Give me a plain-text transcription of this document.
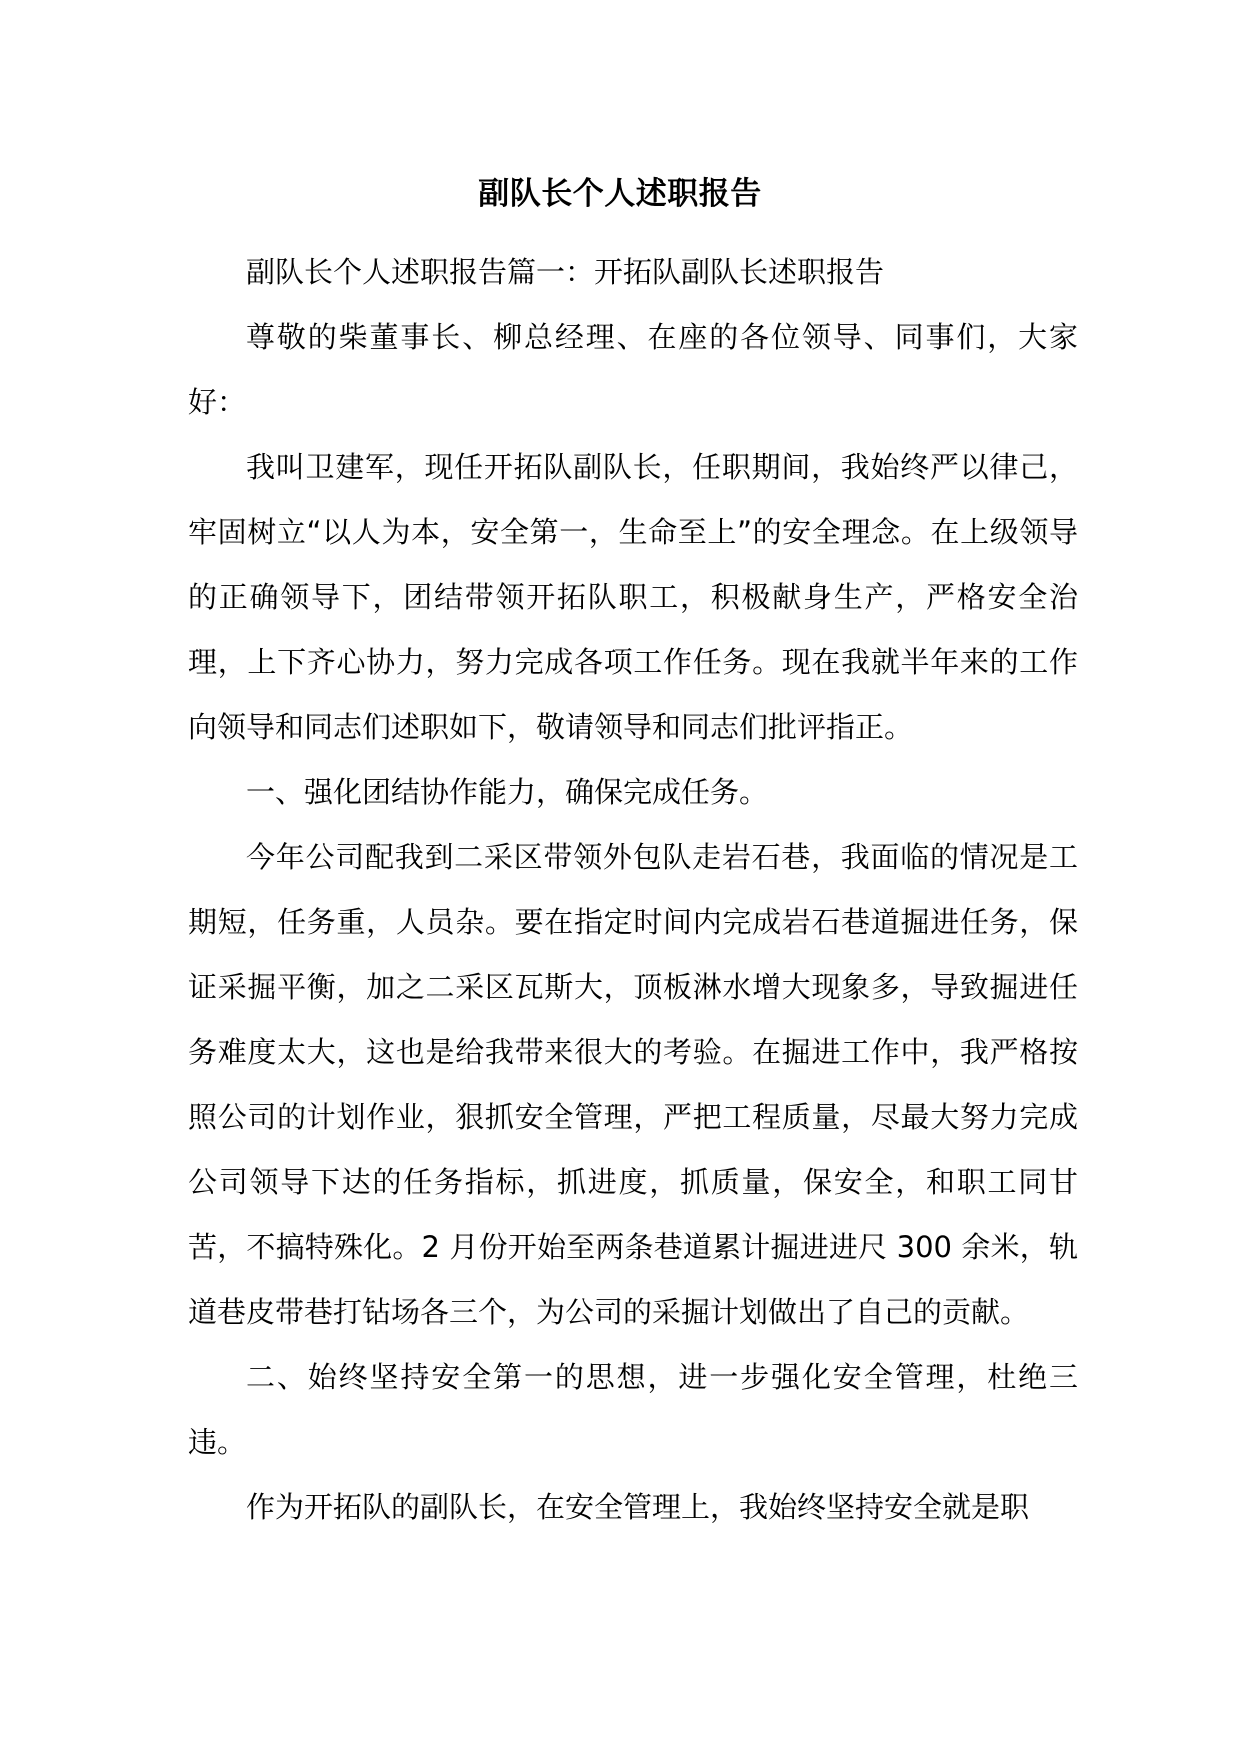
副队长个人述职报告

副队长个人述职报告篇一：开拓队副队长述职报告

尊敬的柴董事长、柳总经理、在座的各位领导、同事们，大家好：

我叫卫建军，现任开拓队副队长，任职期间，我始终严以律己，牢固树立“以人为本，安全第一，生命至上”的安全理念。在上级领导的正确领导下，团结带领开拓队职工，积极献身生产，严格安全治理，上下齐心协力，努力完成各项工作任务。现在我就半年来的工作向领导和同志们述职如下，敬请领导和同志们批评指正。

一、强化团结协作能力，确保完成任务。

今年公司配我到二采区带领外包队走岩石巷，我面临的情况是工期短，任务重，人员杂。要在指定时间内完成岩石巷道掘进任务，保证采掘平衡，加之二采区瓦斯大，顶板淋水增大现象多，导致掘进任务难度太大，这也是给我带来很大的考验。在掘进工作中，我严格按照公司的计划作业，狠抓安全管理，严把工程质量，尽最大努力完成公司领导下达的任务指标，抓进度，抓质量，保安全，和职工同甘苦，不搞特殊化。2 月份开始至两条巷道累计掘进进尺 300 余米，轨道巷皮带巷打钻场各三个，为公司的采掘计划做出了自己的贡献。

二、始终坚持安全第一的思想，进一步强化安全管理，杜绝三违。

作为开拓队的副队长，在安全管理上，我始终坚持安全就是职
